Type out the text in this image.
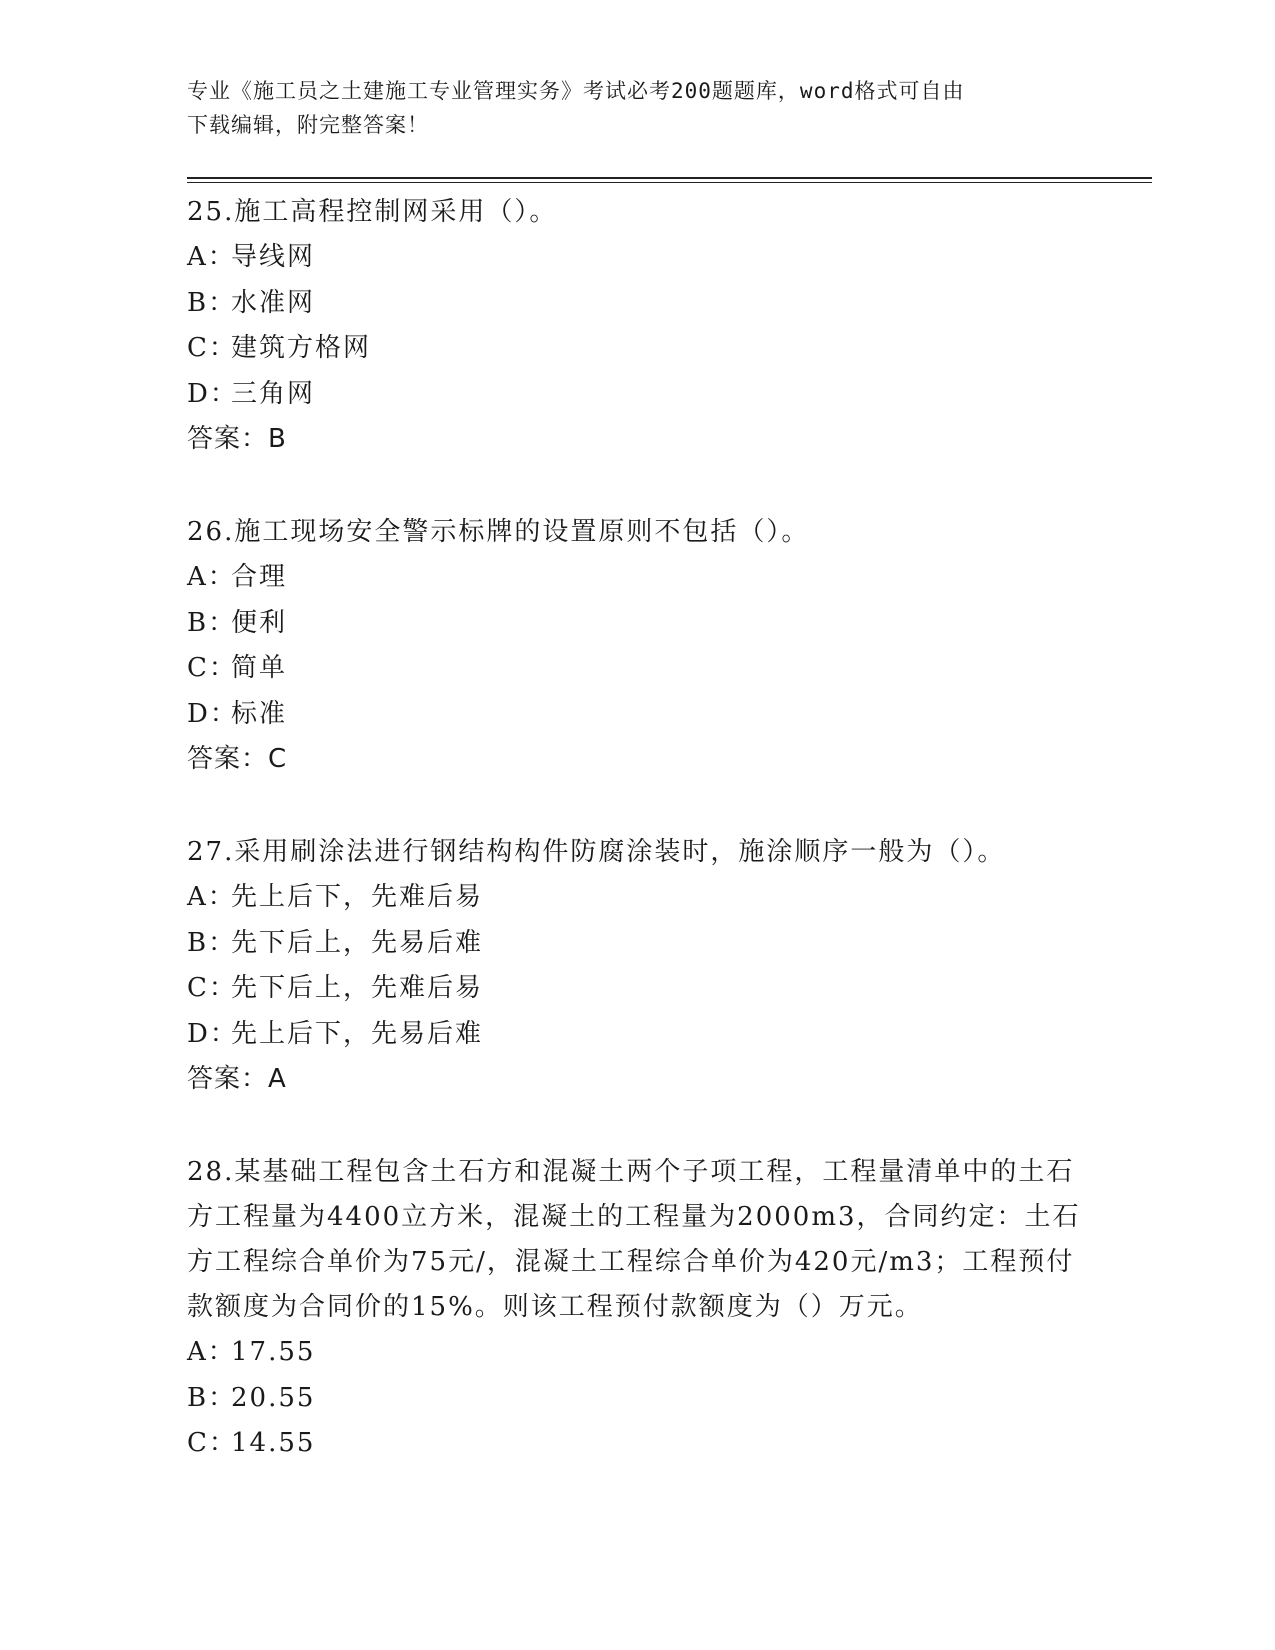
专业《施工员之土建施工专业管理实务》考试必考200题题库，word格式可自由
下载编辑，附完整答案！
25.施工高程控制网采用（）。
A：导线网
B：水准网
C：建筑方格网
D：三角网
答案：B
26.施工现场安全警示标牌的设置原则不包括（）。
A：合理
B：便利
C：简单
D：标准
答案：C
27.采用刷涂法进行钢结构构件防腐涂装时，施涂顺序一般为（）。
A：先上后下，先难后易
B：先下后上，先易后难
C：先下后上，先难后易
D：先上后下，先易后难
答案：A
28.某基础工程包含土石方和混凝土两个子项工程，工程量清单中的土石方工程量为4400立方米，混凝土的工程量为2000m3，合同约定：土石方工程综合单价为75元/，混凝土工程综合单价为420元/m3；工程预付款额度为合同价的15%。则该工程预付款额度为（）万元。
A：17.55
B：20.55
C：14.55
